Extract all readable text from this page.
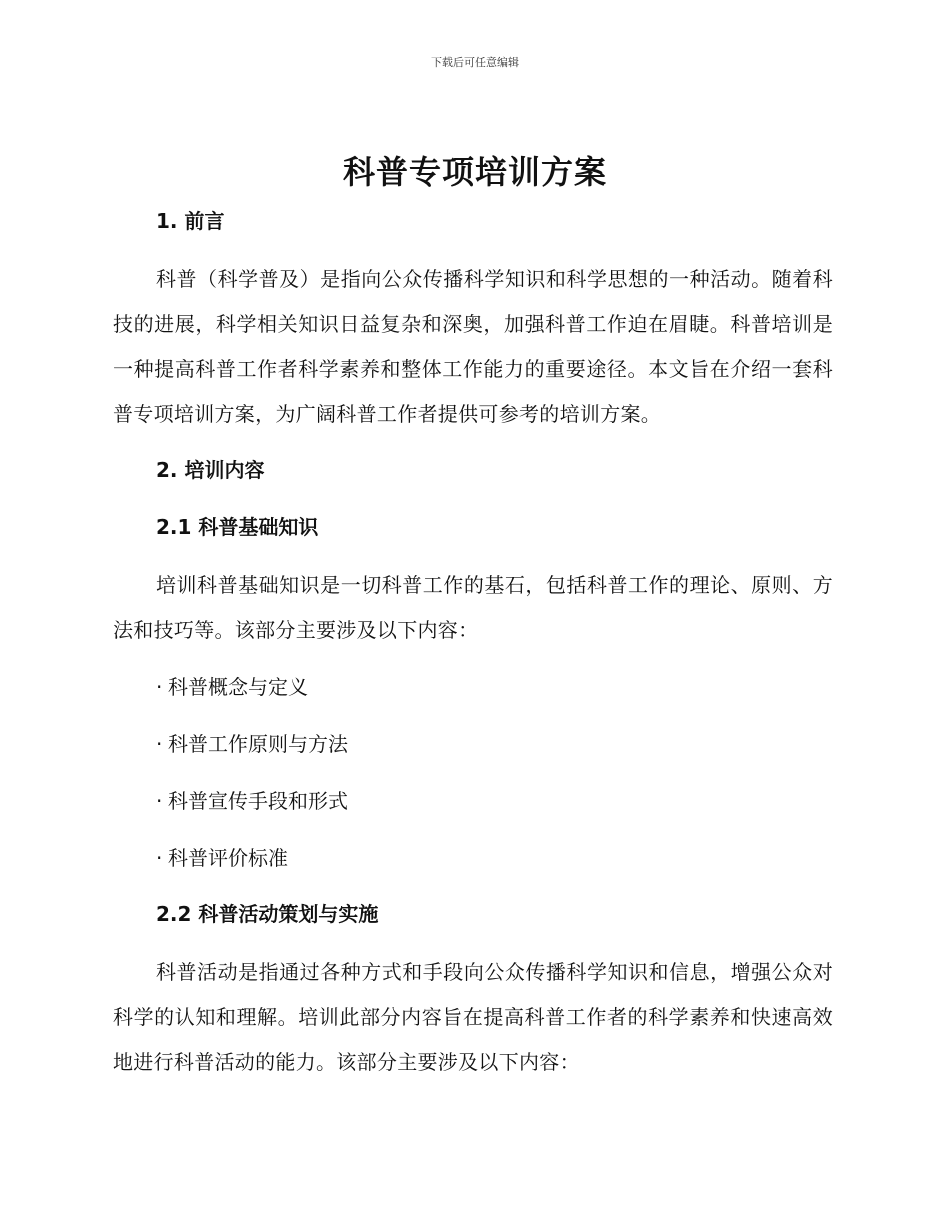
下载后可任意编辑
科普专项培训方案
1. 前言

科普（科学普及）是指向公众传播科学知识和科学思想的一种活动。随着科技的进展，科学相关知识日益复杂和深奥，加强科普工作迫在眉睫。科普培训是一种提高科普工作者科学素养和整体工作能力的重要途径。本文旨在介绍一套科普专项培训方案，为广阔科普工作者提供可参考的培训方案。

2. 培训内容
2.1 科普基础知识

培训科普基础知识是一切科普工作的基石，包括科普工作的理论、原则、方法和技巧等。该部分主要涉及以下内容：

· 科普概念与定义
· 科普工作原则与方法
· 科普宣传手段和形式
· 科普评价标准
2.2 科普活动策划与实施

科普活动是指通过各种方式和手段向公众传播科学知识和信息，增强公众对科学的认知和理解。培训此部分内容旨在提高科普工作者的科学素养和快速高效地进行科普活动的能力。该部分主要涉及以下内容：
